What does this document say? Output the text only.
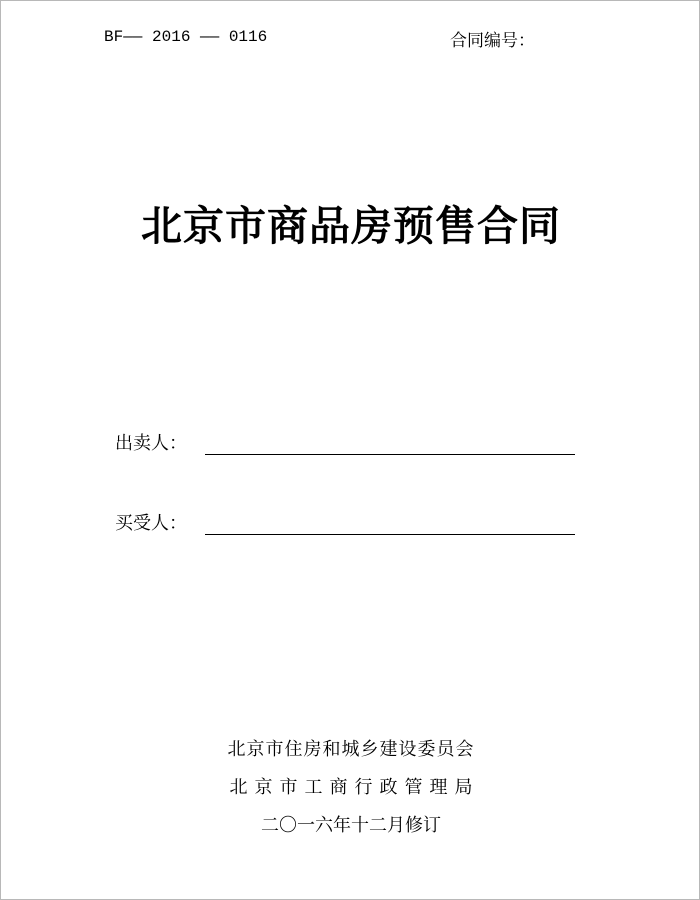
BF—— 2016 —— 0116	合同编号：
北京市商品房预售合同
出卖人：
买受人：
北京市住房和城乡建设委员会
北京市工商行政管理局
二〇一六年十二月修订
